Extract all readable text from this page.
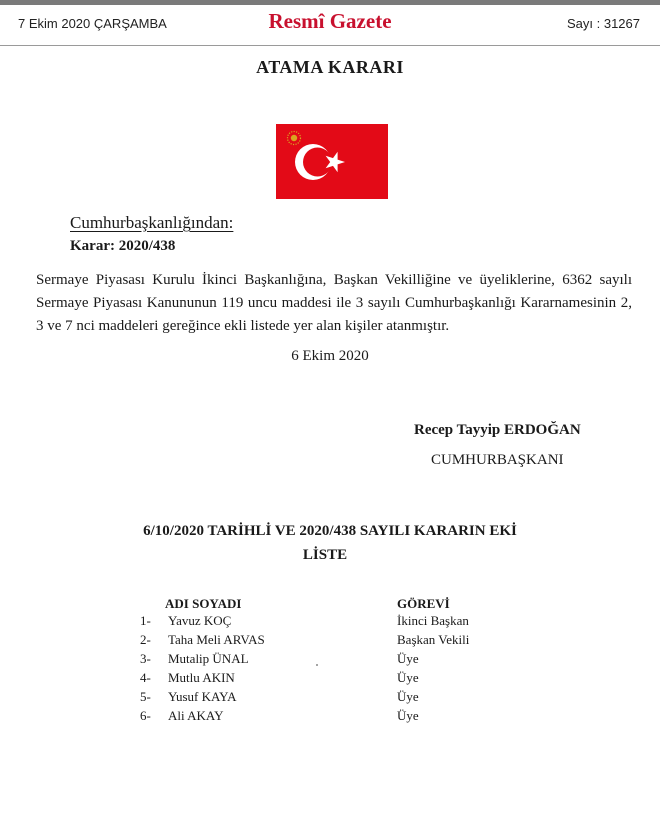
7 Ekim 2020 ÇARŞAMBA	Resmî Gazete	Sayı : 31267
ATAMA KARARI
Cumhurbaşkanlığından:
Karar: 2020/438
Sermaye Piyasası Kurulu İkinci Başkanlığına, Başkan Vekilliğine ve üyeliklerine, 6362 sayılı Sermaye Piyasası Kanununun 119 uncu maddesi ile 3 sayılı Cumhurbaşkanlığı Kararnamesinin 2, 3 ve 7 nci maddeleri gereğince ekli listede yer alan kişiler atanmıştır.
6 Ekim 2020
Recep Tayyip ERDOĞAN
CUMHURBAŞKANI
6/10/2020 TARİHLİ VE 2020/438 SAYILI KARARIN EKİ
LİSTE
ADI SOYADI	GÖREVİ
1- Yavuz KOÇ	İkinci Başkan
2- Taha Meli ARVAS	Başkan Vekili
3- Mutalip ÜNAL	Üye
4- Mutlu AKIN	Üye
5- Yusuf KAYA	Üye
6- Ali AKAY	Üye
